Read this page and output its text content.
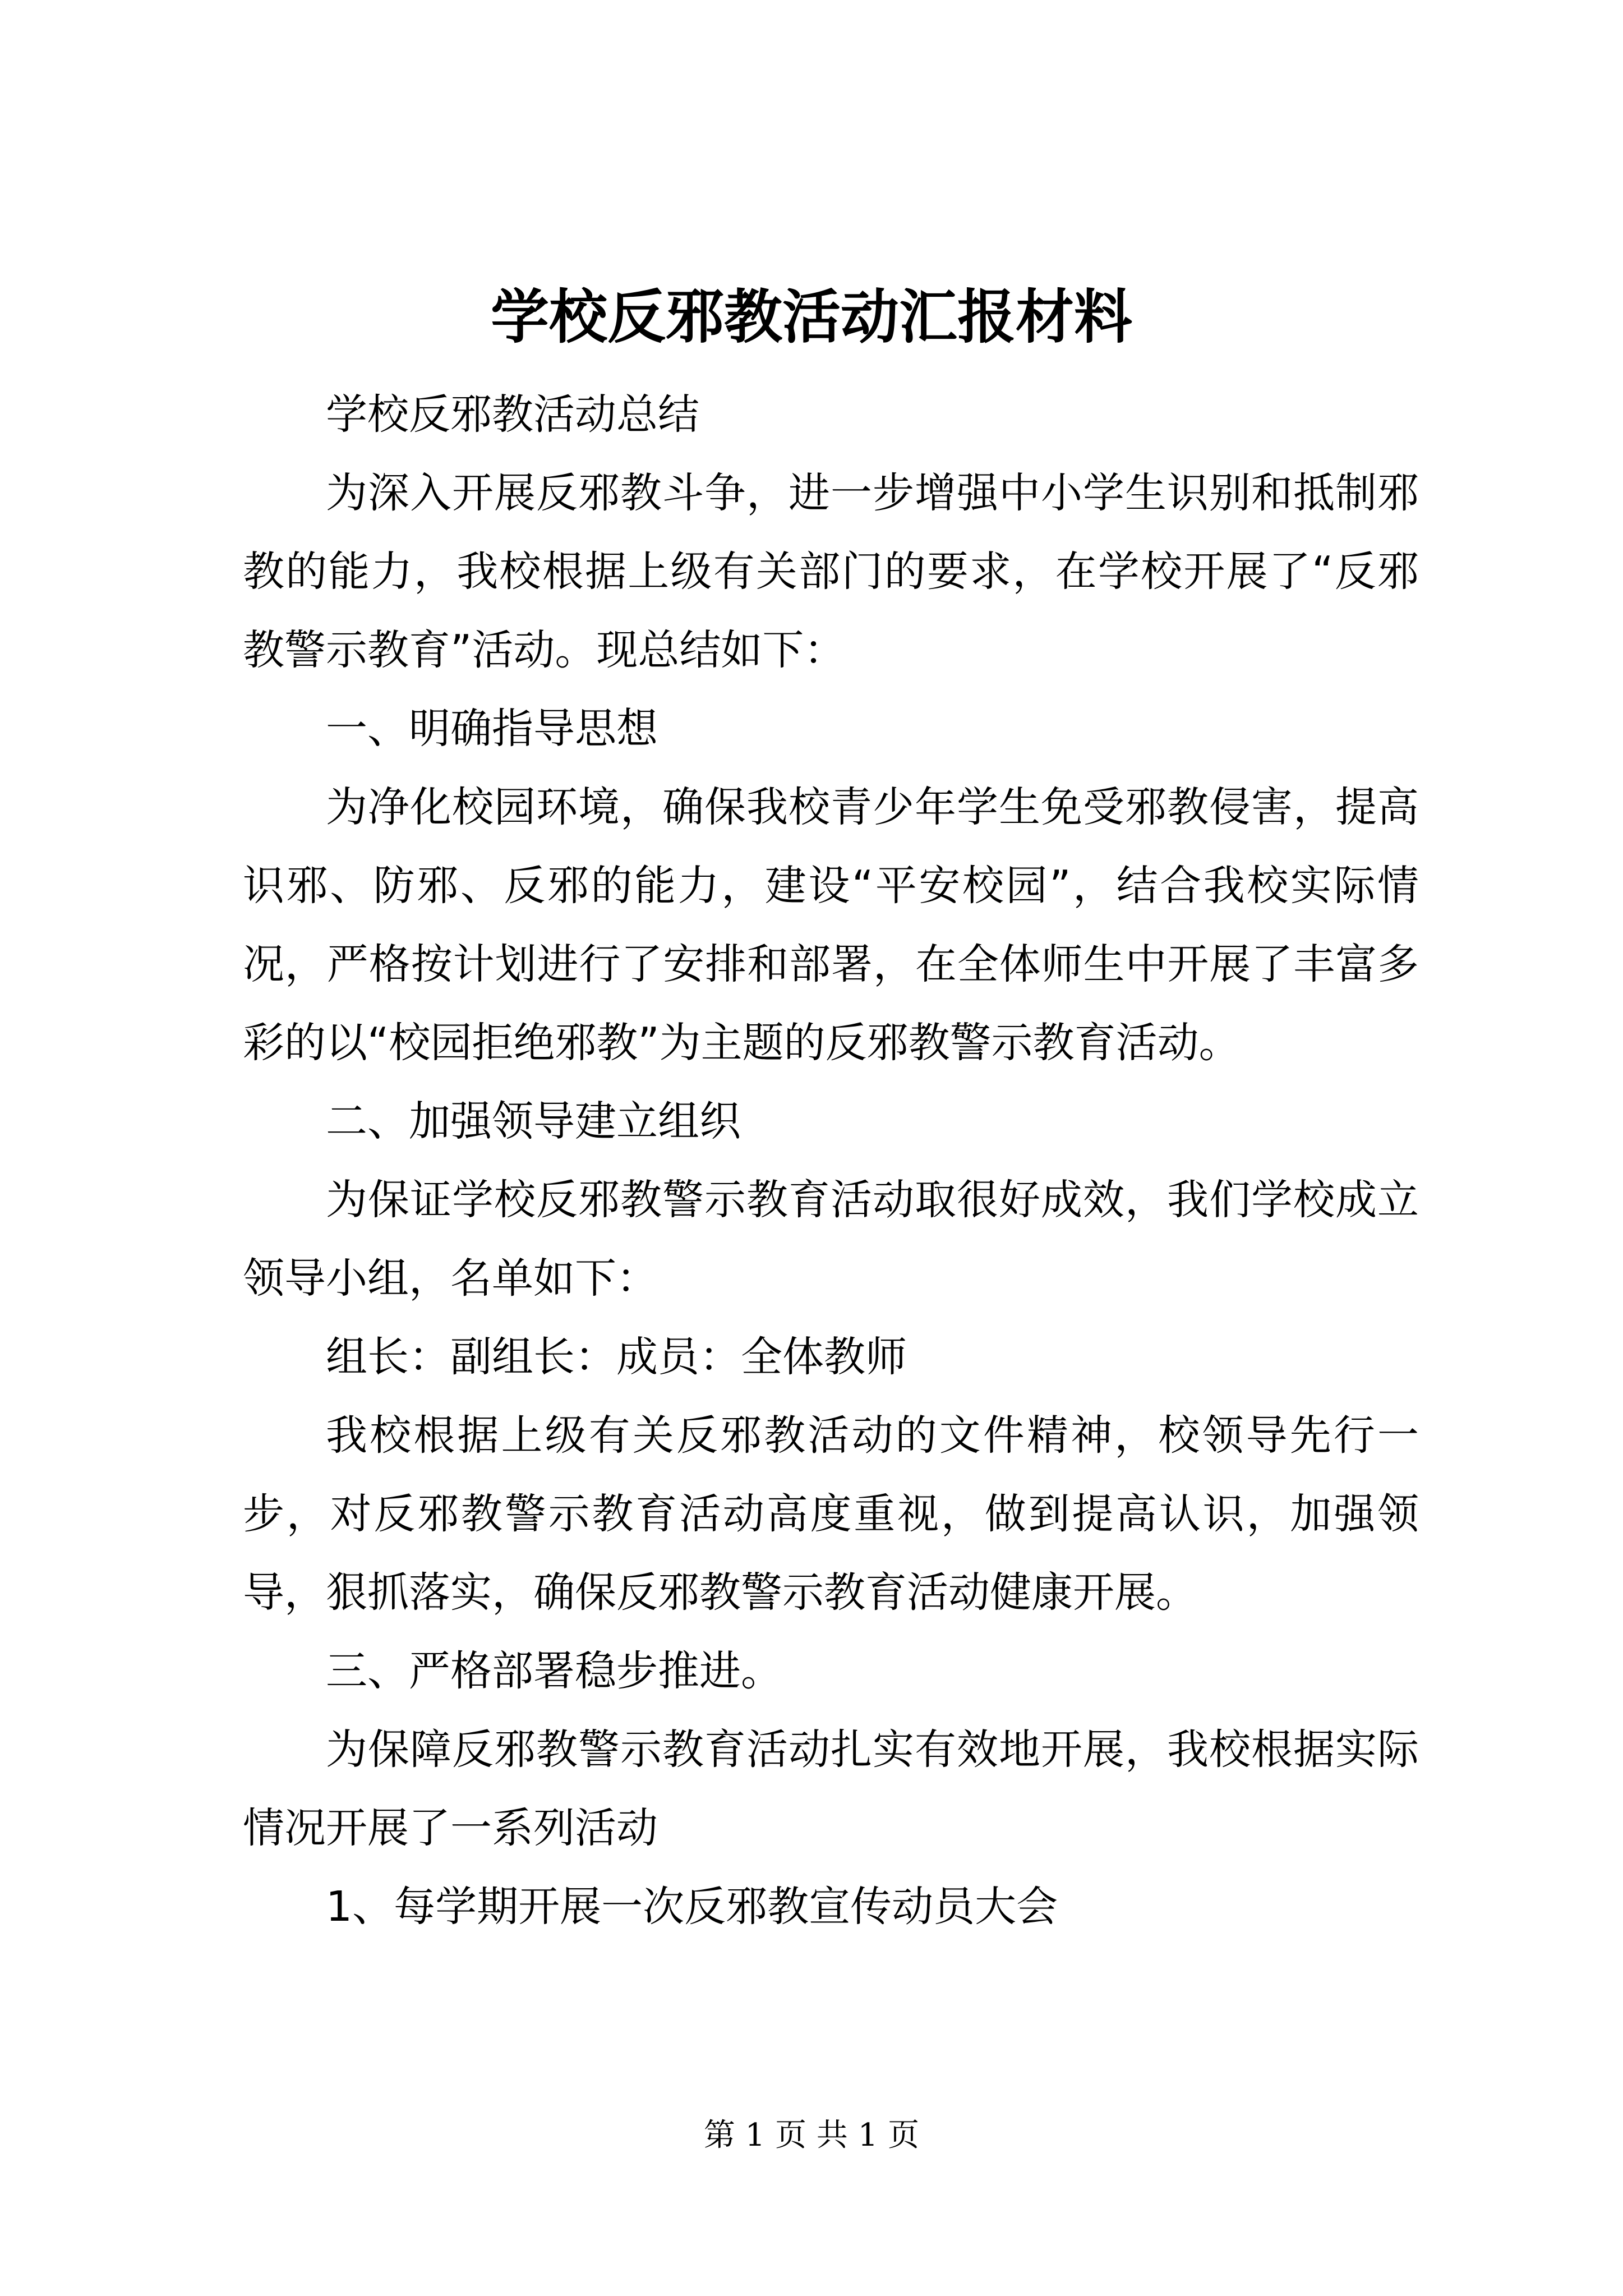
学校反邪教活动汇报材料

学校反邪教活动总结

为深入开展反邪教斗争，进一步增强中小学生识别和抵制邪教的能力，我校根据上级有关部门的要求，在学校开展了“反邪教警示教育”活动。现总结如下：

一、明确指导思想

为净化校园环境，确保我校青少年学生免受邪教侵害，提高识邪、防邪、反邪的能力，建设“平安校园”，结合我校实际情况，严格按计划进行了安排和部署，在全体师生中开展了丰富多彩的以“校园拒绝邪教”为主题的反邪教警示教育活动。

二、加强领导建立组织

为保证学校反邪教警示教育活动取很好成效，我们学校成立领导小组，名单如下：

组长：副组长：成员：全体教师

我校根据上级有关反邪教活动的文件精神，校领导先行一步，对反邪教警示教育活动高度重视，做到提高认识，加强领导，狠抓落实，确保反邪教警示教育活动健康开展。

三、严格部署稳步推进。

为保障反邪教警示教育活动扎实有效地开展，我校根据实际情况开展了一系列活动

1、每学期开展一次反邪教宣传动员大会

第 1 页 共 1 页
